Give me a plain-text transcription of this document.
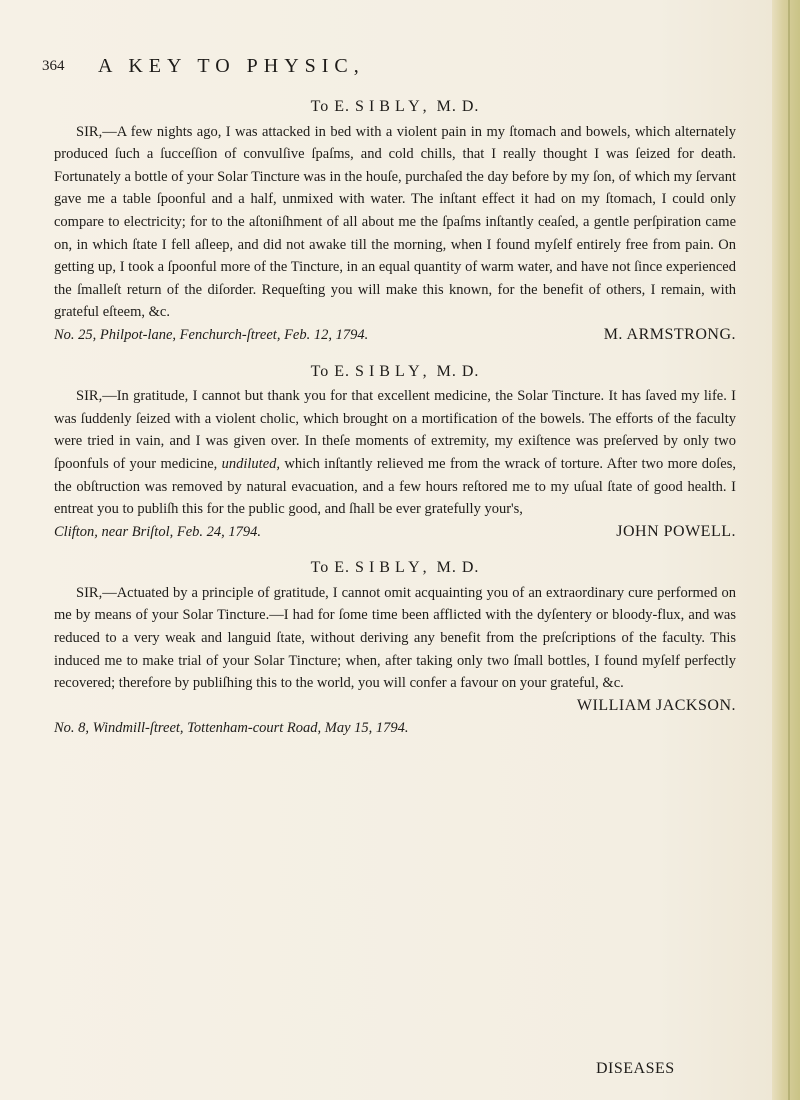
364 A KEY TO PHYSIC,
To E. SIBLY, M. D.

SIR,—A few nights ago, I was attacked in bed with a violent pain in my ſtomach and bowels, which alternately produced ſuch a ſucceſſion of convulſive ſpaſms, and cold chills, that I really thought I was ſeized for death. Fortunately a bottle of your Solar Tincture was in the houſe, purchaſed the day before by my ſon, of which my ſervant gave me a table ſpoonful and a half, unmixed with water. The inſtant effect it had on my ſtomach, I could only compare to electricity; for to the aſtoniſhment of all about me the ſpaſms inſtantly ceaſed, a gentle perſpiration came on, in which ſtate I fell aſleep, and did not awake till the morning, when I found myſelf entirely free from pain. On getting up, I took a ſpoonful more of the Tincture, in an equal quantity of warm water, and have not ſince experienced the ſmalleſt return of the diſorder. Requeſting you will make this known, for the benefit of others, I remain, with grateful eſteem, &c.

No. 25, Philpot-lane, Fenchurch-ſtreet, Feb. 12, 1794.	M. ARMSTRONG.
To E. SIBLY, M. D.

SIR,—In gratitude, I cannot but thank you for that excellent medicine, the Solar Tincture. It has ſaved my life. I was ſuddenly ſeized with a violent cholic, which brought on a mortification of the bowels. The efforts of the faculty were tried in vain, and I was given over. In theſe moments of extremity, my exiſtence was preſerved by only two ſpoonfuls of your medicine, undiluted, which inſtantly relieved me from the wrack of torture. After two more doſes, the obſtruction was removed by natural evacuation, and a few hours reſtored me to my uſual ſtate of good health. I entreat you to publiſh this for the public good, and ſhall be ever gratefully your's,

Clifton, near Briſtol, Feb. 24, 1794.	JOHN POWELL.
To E. SIBLY, M. D.

SIR,—Actuated by a principle of gratitude, I cannot omit acquainting you of an extraordinary cure performed on me by means of your Solar Tincture.—I had for ſome time been afflicted with the dyſentery or bloody-flux, and was reduced to a very weak and languid ſtate, without deriving any benefit from the preſcriptions of the faculty. This induced me to make trial of your Solar Tincture; when, after taking only two ſmall bottles, I found myſelf perfectly recovered; therefore by publiſhing this to the world, you will confer a favour on your grateful, &c.

WILLIAM JACKSON.

No. 8, Windmill-ſtreet, Tottenham-court Road, May 15, 1794.

DISEASES
